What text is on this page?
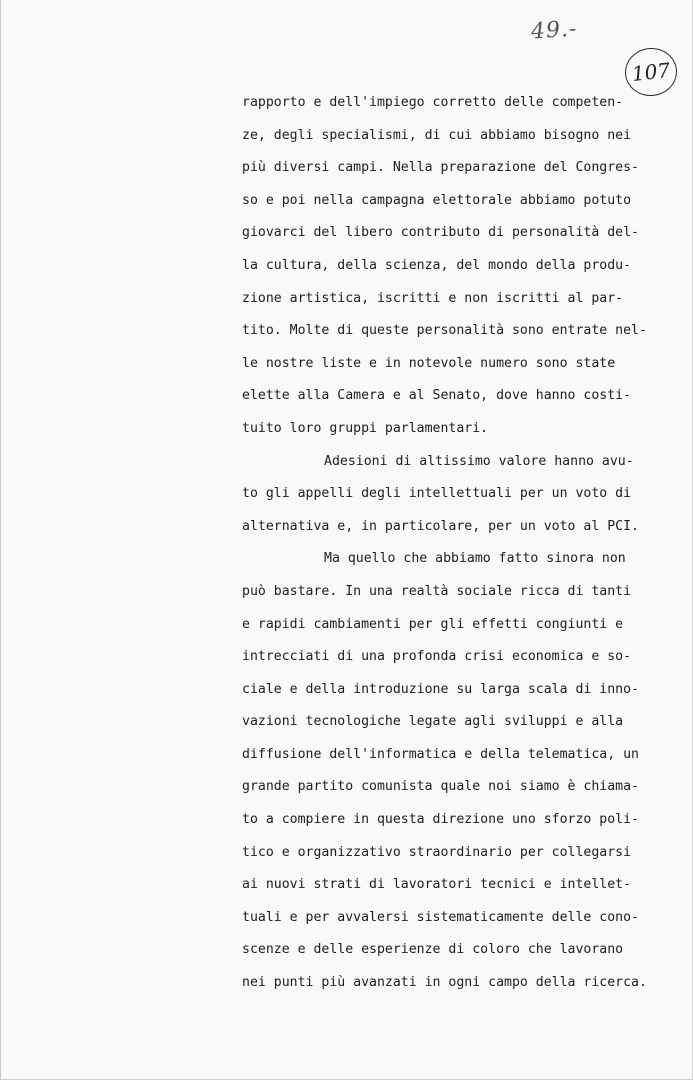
49.-
107
rapporto e dell'impiego corretto delle competen-
ze, degli specialismi, di cui abbiamo bisogno nei
più diversi campi. Nella preparazione del Congres-
so e poi nella campagna elettorale abbiamo potuto
giovarci del libero contributo di personalità del-
la cultura, della scienza, del mondo della produ-
zione artistica, iscritti e non iscritti al par-
tito. Molte di queste personalità sono entrate nel-
le nostre liste e in notevole numero sono state
elette alla Camera e al Senato, dove hanno costi-
tuito loro gruppi parlamentari.
Adesioni di altissimo valore hanno avu-
to gli appelli degli intellettuali per un voto di
alternativa e, in particolare, per un voto al PCI.
Ma quello che abbiamo fatto sinora non
può bastare. In una realtà sociale ricca di tanti
e rapidi cambiamenti per gli effetti congiunti e
intrecciati di una profonda crisi economica e so-
ciale e della introduzione su larga scala di inno-
vazioni tecnologiche legate agli sviluppi e alla
diffusione dell'informatica e della telematica, un
grande partito comunista quale noi siamo è chiama-
to a compiere in questa direzione uno sforzo poli-
tico e organizzativo straordinario per collegarsi
ai nuovi strati di lavoratori tecnici e intellet-
tuali e per avvalersi sistematicamente delle cono-
scenze e delle esperienze di coloro che lavorano
nei punti più avanzati in ogni campo della ricerca.
